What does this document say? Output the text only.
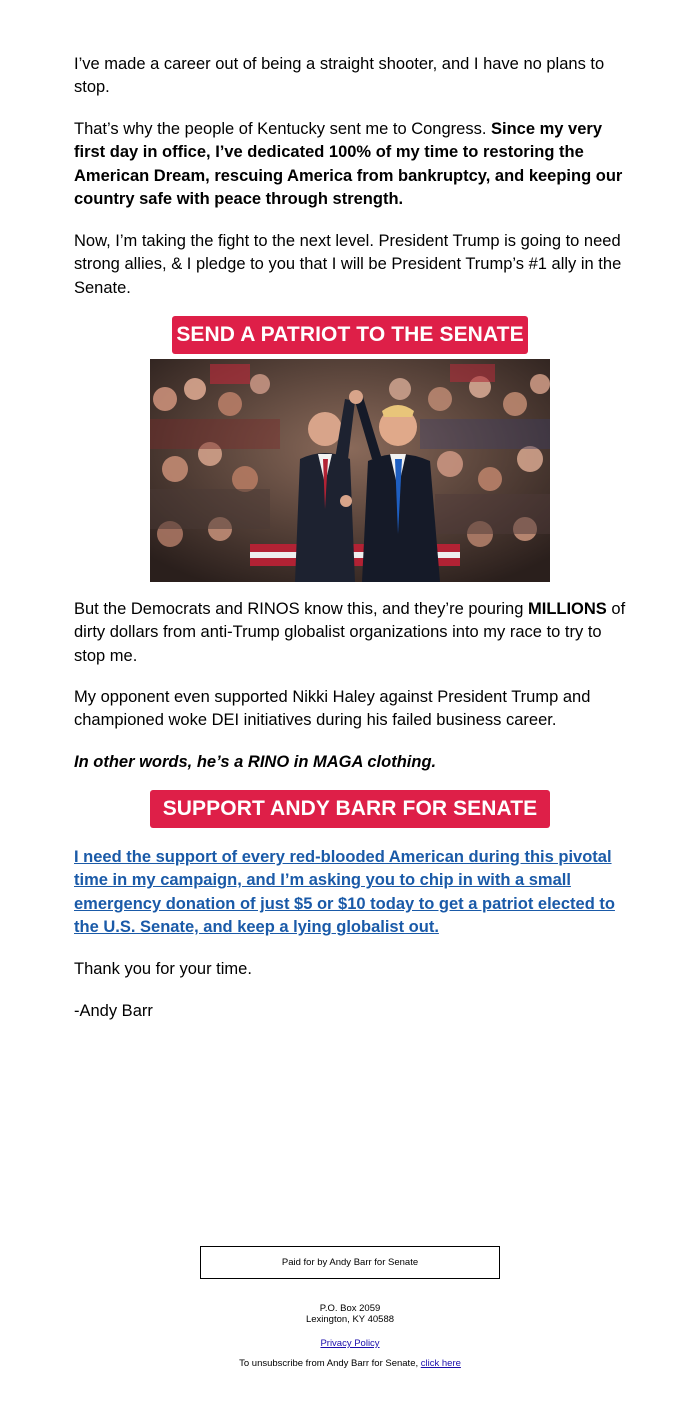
I’ve made a career out of being a straight shooter, and I have no plans to stop.

That’s why the people of Kentucky sent me to Congress. Since my very first day in office, I’ve dedicated 100% of my time to restoring the American Dream, rescuing America from bankruptcy, and keeping our country safe with peace through strength.

Now, I’m taking the fight to the next level. President Trump is going to need strong allies, & I pledge to you that I will be President Trump’s #1 ally in the Senate.

But the Democrats and RINOS know this, and they’re pouring MILLIONS of dirty dollars from anti-Trump globalist organizations into my race to try to stop me.

My opponent even supported Nikki Haley against President Trump and championed woke DEI initiatives during his failed business career.

In other words, he’s a RINO in MAGA clothing.

I need the support of every red-blooded American during this pivotal time in my campaign, and I’m asking you to chip in with a small emergency donation of just $5 or $10 today to get a patriot elected to the U.S. Senate, and keep a lying globalist out.

Thank you for your time.

-Andy Barr

SEND A PATRIOT TO THE SENATE
SUPPORT ANDY BARR FOR SENATE
Paid for by Andy Barr for Senate
P.O. Box 2059
Lexington, KY 40588
Privacy Policy
To unsubscribe from Andy Barr for Senate, click here
